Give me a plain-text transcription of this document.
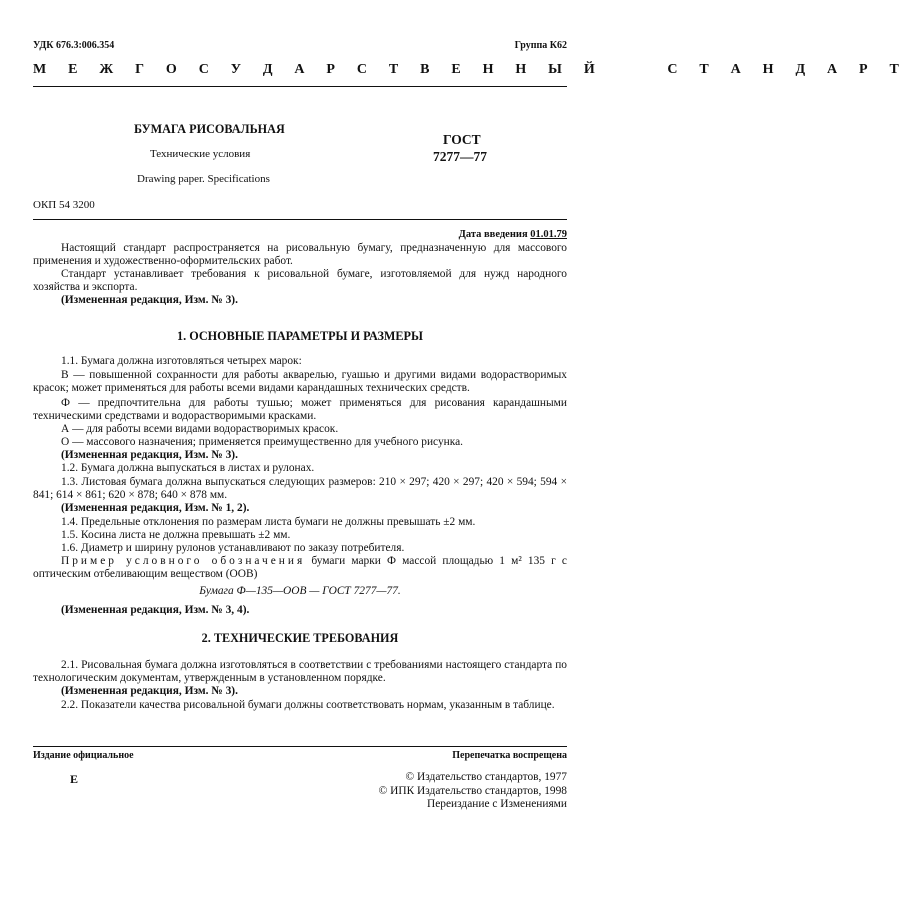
УДК 676.3:006.354	Группа К62
М Е Ж Г О С У Д А Р С Т В Е Н Н Ы Й     С Т А Н Д А Р Т
БУМАГА РИСОВАЛЬНАЯ
Технические условия
Drawing paper. Specifications
ГОСТ
7277—77
ОКП 54 3200
Дата введения 01.01.79
Настоящий стандарт распространяется на рисовальную бумагу, предназначенную для массового применения и художественно-оформительских работ.
Стандарт устанавливает требования к рисовальной бумаге, изготовляемой для нужд народного хозяйства и экспорта.
(Измененная редакция, Изм. № 3).
1. ОСНОВНЫЕ ПАРАМЕТРЫ И РАЗМЕРЫ
1.1. Бумага должна изготовляться четырех марок:
В — повышенной сохранности для работы акварелью, гуашью и другими видами водорастворимых красок; может применяться для работы всеми видами карандашных технических средств.
Ф — предпочтительна для работы тушью; может применяться для рисования карандашными техническими средствами и водорастворимыми красками.
А — для работы всеми видами водорастворимых красок.
О — массового назначения; применяется преимущественно для учебного рисунка.
(Измененная редакция, Изм. № 3).
1.2. Бумага должна выпускаться в листах и рулонах.
1.3. Листовая бумага должна выпускаться следующих размеров: 210 × 297; 420 × 297; 420 × 594; 594 × 841; 614 × 861; 620 × 878; 640 × 878 мм.
(Измененная редакция, Изм. № 1, 2).
1.4. Предельные отклонения по размерам листа бумаги не должны превышать ±2 мм.
1.5. Косина листа не должна превышать ±2 мм.
1.6. Диаметр и ширину рулонов устанавливают по заказу потребителя.
Пример условного обозначения бумаги марки Ф массой площадью 1 м² 135 г с оптическим отбеливающим веществом (ООВ)
Бумага Ф—135—ООВ — ГОСТ 7277—77.
(Измененная редакция, Изм. № 3, 4).
2. ТЕХНИЧЕСКИЕ ТРЕБОВАНИЯ
2.1. Рисовальная бумага должна изготовляться в соответствии с требованиями настоящего стандарта по технологическим документам, утвержденным в установленном порядке.
(Измененная редакция, Изм. № 3).
2.2. Показатели качества рисовальной бумаги должны соответствовать нормам, указанным в таблице.
Издание официальное	Перепечатка воспрещена
Е	© Издательство стандартов, 1977
© ИПК Издательство стандартов, 1998
Переиздание с Изменениями
